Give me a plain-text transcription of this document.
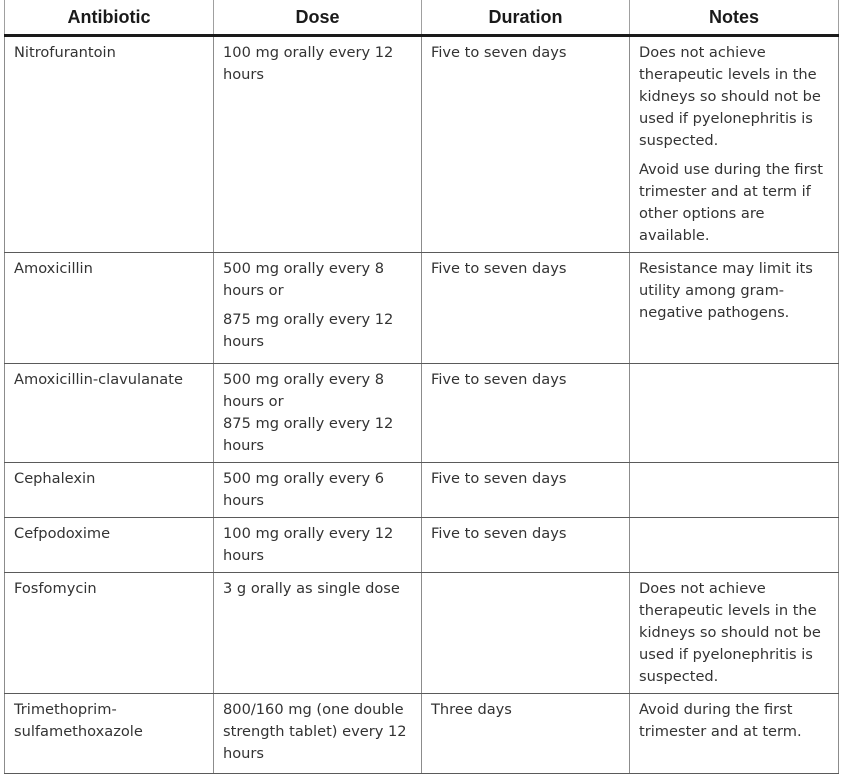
Antibiotic	Dose	Duration	Notes

Nitrofurantoin	100 mg orally every 12 hours	Five to seven days	Does not achieve therapeutic levels in the kidneys so should not be used if pyelonephritis is suspected.

Avoid use during the first trimester and at term if other options are available.

Amoxicillin	500 mg orally every 8 hours or

875 mg orally every 12 hours	Five to seven days	Resistance may limit its utility among gram-negative pathogens.

Amoxicillin-clavulanate	500 mg orally every 8 hours or

875 mg orally every 12 hours	Five to seven days	

Cephalexin	500 mg orally every 6 hours	Five to seven days	

Cefpodoxime	100 mg orally every 12 hours	Five to seven days	

Fosfomycin	3 g orally as single dose		Does not achieve therapeutic levels in the kidneys so should not be used if pyelonephritis is suspected.

Trimethoprim-sulfamethoxazole	800/160 mg (one double strength tablet) every 12 hours	Three days	Avoid during the first trimester and at term.
